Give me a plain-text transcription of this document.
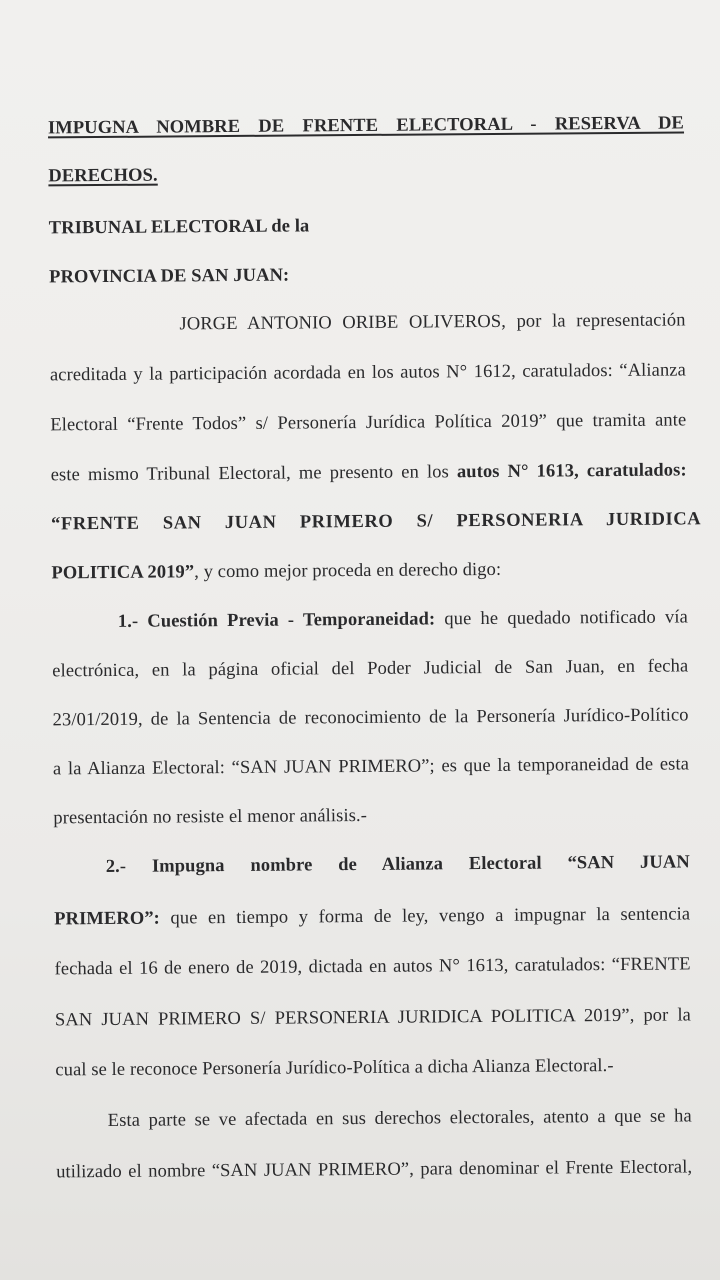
IMPUGNA NOMBRE DE FRENTE ELECTORAL - RESERVA DE
DERECHOS.
TRIBUNAL ELECTORAL de la
PROVINCIA DE SAN JUAN:
JORGE ANTONIO ORIBE OLIVEROS, por la representación
acreditada y la participación acordada en los autos N° 1612, caratulados: “Alianza
Electoral “Frente Todos” s/ Personería Jurídica Política 2019” que tramita ante
este mismo Tribunal Electoral, me presento en los autos N° 1613, caratulados:
“FRENTE SAN JUAN PRIMERO S/ PERSONERIA JURIDICA
POLITICA 2019”, y como mejor proceda en derecho digo:
1.- Cuestión Previa - Temporaneidad: que he quedado notificado vía
electrónica, en la página oficial del Poder Judicial de San Juan, en fecha
23/01/2019, de la Sentencia de reconocimiento de la Personería Jurídico-Político
a la Alianza Electoral: “SAN JUAN PRIMERO”; es que la temporaneidad de esta
presentación no resiste el menor análisis.-
2.- Impugna nombre de Alianza Electoral “SAN JUAN
PRIMERO”: que en tiempo y forma de ley, vengo a impugnar la sentencia
fechada el 16 de enero de 2019, dictada en autos N° 1613, caratulados: “FRENTE
SAN JUAN PRIMERO S/ PERSONERIA JURIDICA POLITICA 2019”, por la
cual se le reconoce Personería Jurídico-Política a dicha Alianza Electoral.-
Esta parte se ve afectada en sus derechos electorales, atento a que se ha
utilizado el nombre “SAN JUAN PRIMERO”, para denominar el Frente Electoral,
